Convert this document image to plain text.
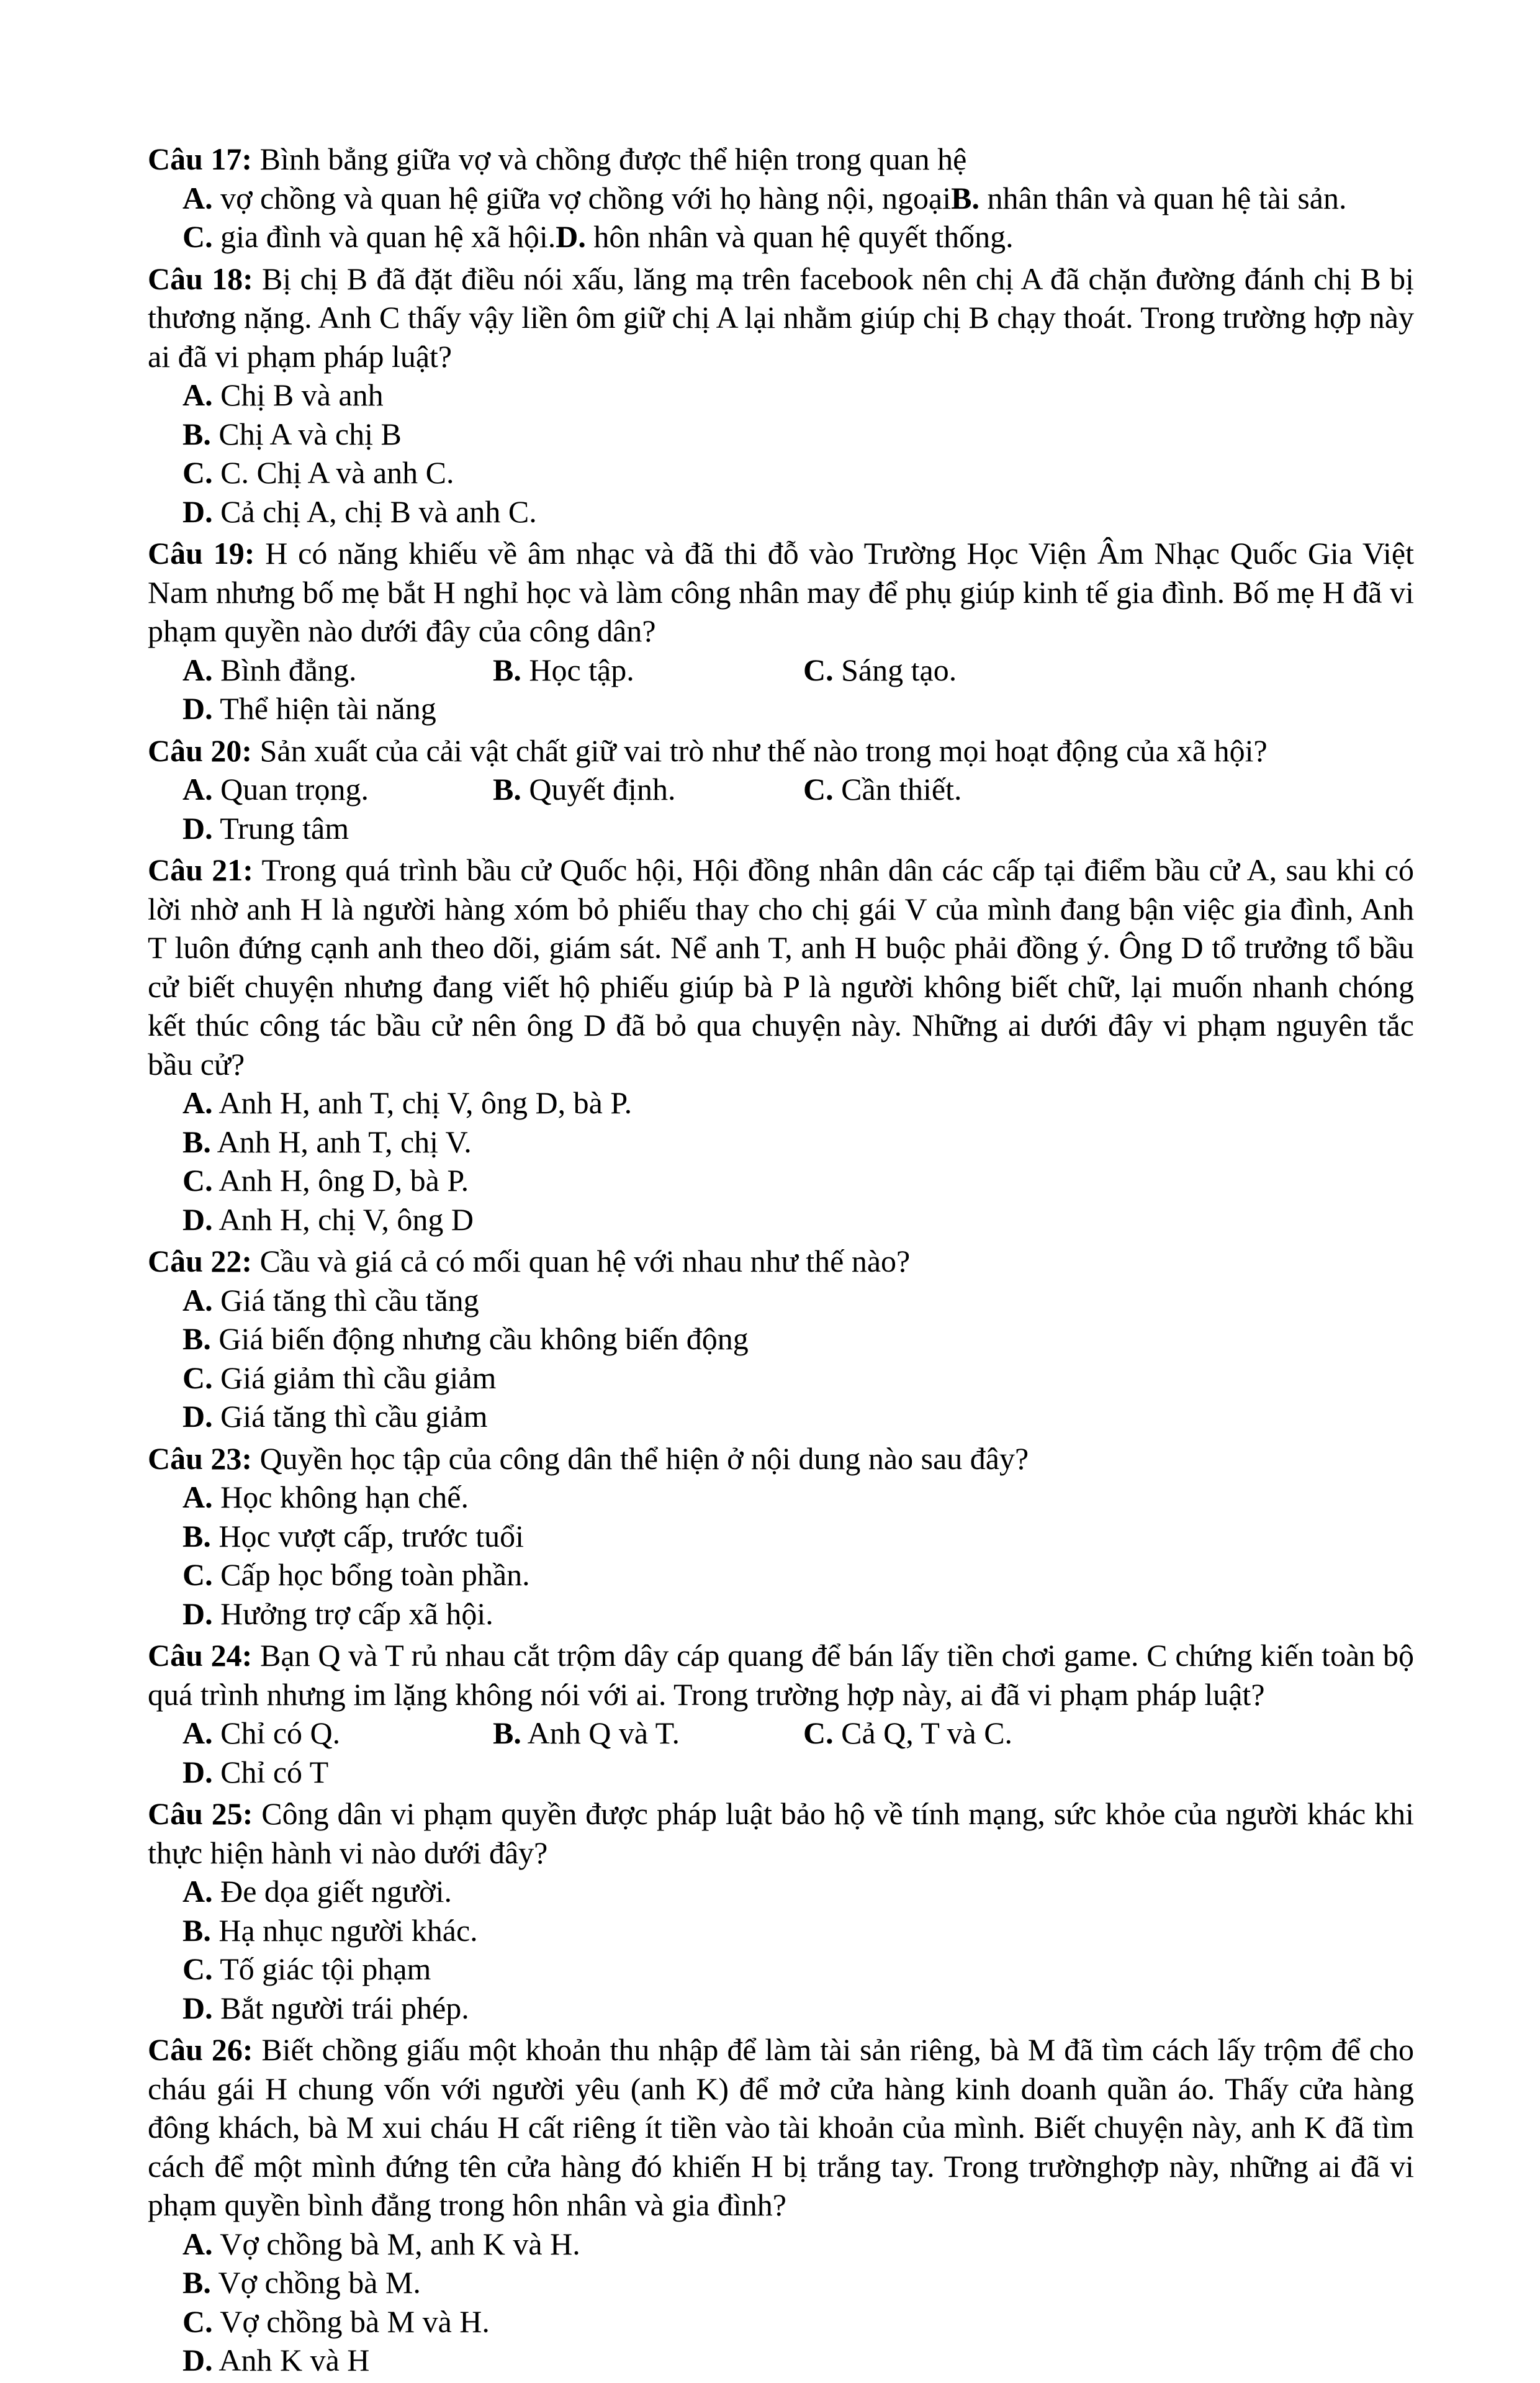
Câu 17: Bình bẳng giữa vợ và chồng được thể hiện trong quan hệ
A. vợ chồng và quan hệ giữa vợ chồng với họ hàng nội, ngoại B. nhân thân và quan hệ tài sản.
C. gia đình và quan hệ xã hội. D. hôn nhân và quan hệ quyết thống.
Câu 18: Bị chị B đã đặt điều nói xấu, lăng mạ trên facebook nên chị A đã chặn đường đánh chị B bị thương nặng. Anh C thấy vậy liền ôm giữ chị A lại nhằm giúp chị B chạy thoát. Trong trường hợp này ai đã vi phạm pháp luật?
A. Chị B và anh
B. Chị A và chị B
C. C. Chị A và anh C.
D. Cả chị A, chị B và anh C.
Câu 19: H có năng khiếu về âm nhạc và đã thi đỗ vào Trường Học Viện Âm Nhạc Quốc Gia Việt Nam nhưng bố mẹ bắt H nghỉ học và làm công nhân may để phụ giúp kinh tế gia đình. Bố mẹ H đã vi phạm quyền nào dưới đây của công dân?
A. Bình đẳng.	B. Học tập.	C. Sáng tạo.
D. Thể hiện tài năng
Câu 20: Sản xuất của cải vật chất giữ vai trò như thế nào trong mọi hoạt động của xã hội?
A. Quan trọng.	B. Quyết định.	C. Cần thiết.
D. Trung tâm
Câu 21: Trong quá trình bầu cử Quốc hội, Hội đồng nhân dân các cấp tại điểm bầu cử A, sau khi có lời nhờ anh H là người hàng xóm bỏ phiếu thay cho chị gái V của mình đang bận việc gia đình, Anh T luôn đứng cạnh anh theo dõi, giám sát. Nể anh T, anh H buộc phải đồng ý. Ông D tổ trưởng tổ bầu cử biết chuyện nhưng đang viết hộ phiếu giúp bà P là người không biết chữ, lại muốn nhanh chóng kết thúc công tác bầu cử nên ông D đã bỏ qua chuyện này. Những ai dưới đây vi phạm nguyên tắc bầu cử?
A. Anh H, anh T, chị V, ông D, bà P.
B. Anh H, anh T, chị V.
C. Anh H, ông D, bà P.
D. Anh H, chị V, ông D
Câu 22: Cầu và giá cả có mối quan hệ với nhau như thế nào?
A. Giá tăng thì cầu tăng
B. Giá biến động nhưng cầu không biến động
C. Giá giảm thì cầu giảm
D. Giá tăng thì cầu giảm
Câu 23: Quyền học tập của công dân thể hiện ở nội dung nào sau đây?
A. Học không hạn chế.
B. Học vượt cấp, trước tuổi
C. Cấp học bổng toàn phần.
D. Hưởng trợ cấp xã hội.
Câu 24: Bạn Q và T rủ nhau cắt trộm dây cáp quang để bán lấy tiền chơi game. C chứng kiến toàn bộ quá trình nhưng im lặng không nói với ai. Trong trường hợp này, ai đã vi phạm pháp luật?
A. Chỉ có Q.	B. Anh Q và T.	C. Cả Q, T và C.
D. Chỉ có T
Câu 25: Công dân vi phạm quyền được pháp luật bảo hộ về tính mạng, sức khỏe của người khác khi thực hiện hành vi nào dưới đây?
A. Đe dọa giết người.
B. Hạ nhục người khác.
C. Tố giác tội phạm
D. Bắt người trái phép.
Câu 26: Biết chồng giấu một khoản thu nhập để làm tài sản riêng, bà M đã tìm cách lấy trộm để cho cháu gái H chung vốn với người yêu (anh K) để mở cửa hàng kinh doanh quần áo. Thấy cửa hàng đông khách, bà M xui cháu H cất riêng ít tiền vào tài khoản của mình. Biết chuyện này, anh K đã tìm cách để một mình đứng tên cửa hàng đó khiến H bị trắng tay. Trong trườnghợp này, những ai đã vi phạm quyền bình đẳng trong hôn nhân và gia đình?
A. Vợ chồng bà M, anh K và H.
B. Vợ chồng bà M.
C. Vợ chồng bà M và H.
D. Anh K và H
